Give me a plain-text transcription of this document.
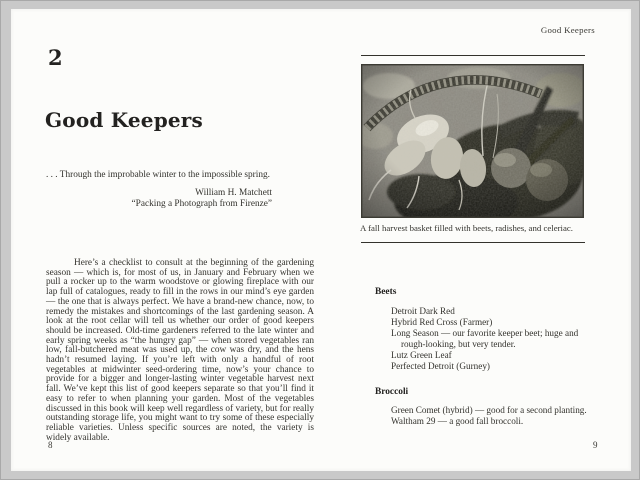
2
Good Keepers
. . . Through the improbable winter to the impossible spring.
William H. Matchett
“Packing a Photograph from Firenze”

Here’s a checklist to consult at the beginning of the gardening season — which is, for most of us, in January and February when we pull a rocker up to the warm woodstove or glowing fireplace with our lap full of catalogues, ready to fill in the rows in our mind’s eye garden — the one that is always perfect. We have a brand-new chance, now, to remedy the mistakes and shortcomings of the last gardening season. A look at the root cellar will tell us whether our order of good keepers should be increased. Old-time gardeners referred to the late winter and early spring weeks as “the hungry gap” — when stored vegetables ran low, fall-butchered meat was used up, the cow was dry, and the hens hadn’t resumed laying. If you’re left with only a handful of root vegetables at midwinter seed-ordering time, now’s your chance to provide for a bigger and longer-lasting winter vegetable harvest next fall. We’ve kept this list of good keepers separate so that you’ll find it easy to refer to when planning your garden. Most of the vegetables discussed in this book will keep well regardless of variety, but for really outstanding storage life, you might want to try some of these especially reliable varieties. Unless specific sources are noted, the variety is widely available.

8
Good Keepers
A fall harvest basket filled with beets, radishes, and celeriac.
Beets
Detroit Dark Red
Hybrid Red Cross (Farmer)
Long Season — our favorite keeper beet; huge and rough-looking, but very tender.
Lutz Green Leaf
Perfected Detroit (Gurney)
Broccoli
Green Comet (hybrid) — good for a second planting.
Waltham 29 — a good fall broccoli.
9
